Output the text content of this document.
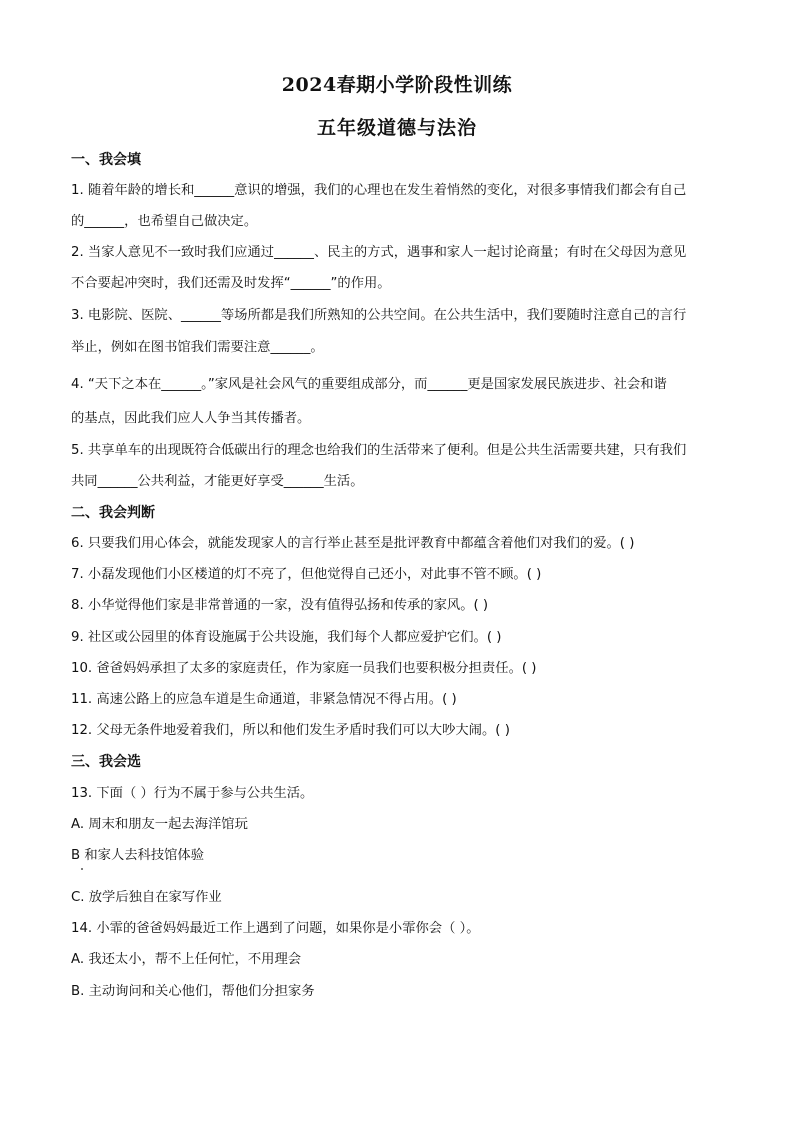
2024春期小学阶段性训练
五年级道德与法治
一、我会填
1. 随着年龄的增长和______意识的增强，我们的心理也在发生着悄然的变化，对很多事情我们都会有自己
的______，也希望自己做决定。
2. 当家人意见不一致时我们应通过______、民主的方式，遇事和家人一起讨论商量；有时在父母因为意见
不合要起冲突时，我们还需及时发挥“______”的作用。
3. 电影院、医院、______等场所都是我们所熟知的公共空间。在公共生活中，我们要随时注意自己的言行
举止，例如在图书馆我们需要注意______。
4. “天下之本在______。”家风是社会风气的重要组成部分，而______更是国家发展民族进步、社会和谐
的基点，因此我们应人人争当其传播者。
5. 共享单车的出现既符合低碳出行的理念也给我们的生活带来了便利。但是公共生活需要共建，只有我们
共同______公共利益，才能更好享受______生活。
二、我会判断
6. 只要我们用心体会，就能发现家人的言行举止甚至是批评教育中都蕴含着他们对我们的爱。( )
7. 小磊发现他们小区楼道的灯不亮了，但他觉得自己还小，对此事不管不顾。( )
8. 小华觉得他们家是非常普通的一家，没有值得弘扬和传承的家风。( )
9. 社区或公园里的体育设施属于公共设施，我们每个人都应爱护它们。( )
10. 爸爸妈妈承担了太多的家庭责任，作为家庭一员我们也要积极分担责任。( )
11. 高速公路上的应急车道是生命通道，非紧急情况不得占用。( )
12. 父母无条件地爱着我们，所以和他们发生矛盾时我们可以大吵大闹。( )
三、我会选
13. 下面（ ）行为不属于参与公共生活。
A. 周末和朋友一起去海洋馆玩
B 和家人去科技馆体验
C. 放学后独自在家写作业
14. 小霏的爸爸妈妈最近工作上遇到了问题，如果你是小霏你会（ ）。
A. 我还太小，帮不上任何忙，不用理会
B. 主动询问和关心他们，帮他们分担家务
